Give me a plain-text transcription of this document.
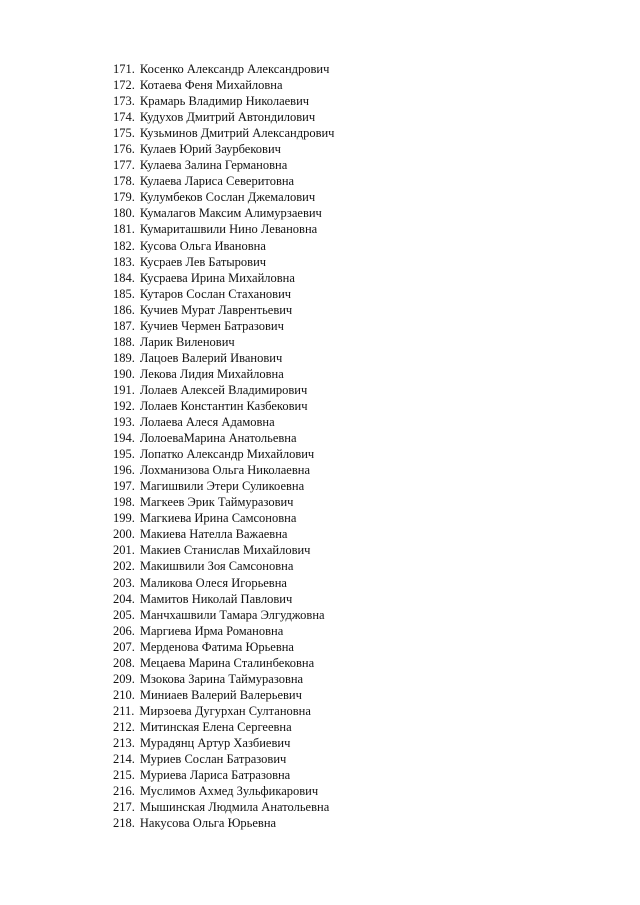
171. Косенко Александр Александрович
172. Котаева Феня Михайловна
173. Крамарь Владимир Николаевич
174. Кудухов Дмитрий Автондилович
175. Кузьминов Дмитрий Александрович
176. Кулаев Юрий Заурбекович
177. Кулаева Залина Германовна
178. Кулаева Лариса Северитовна
179. Кулумбеков Сослан Джемалович
180. Кумалагов Максим Алимурзаевич
181. Кумариташвили Нино Левановна
182. Кусова Ольга Ивановна
183. Кусраев Лев Батырович
184. Кусраева Ирина Михайловна
185. Кутаров Сослан Стаханович
186. Кучиев Мурат Лаврентьевич
187. Кучиев Чермен Батразович
188. Ларик Виленович
189. Лацоев Валерий Иванович
190. Лекова Лидия Михайловна
191. Лолаев Алексей Владимирович
192. Лолаев Константин Казбекович
193. Лолаева Алеся Адамовна
194. ЛолоеваМарина Анатольевна
195. Лопатко Александр Михайлович
196. Лохманизова Ольга Николаевна
197. Магишвили Этери Суликоевна
198. Магкеев Эрик Таймуразович
199. Магкиева Ирина Самсоновна
200. Макиева Нателла Важаевна
201. Макиев Станислав Михайлович
202. Макишвили Зоя Самсоновна
203. Маликова Олеся Игорьевна
204. Мамитов Николай Павлович
205. Манчхашвили Тамара Элгуджовна
206. Маргиева Ирма Романовна
207. Мерденова Фатима Юрьевна
208. Мецаева Марина Сталинбековна
209. Мзокова Зарина Таймуразовна
210. Миниаев Валерий Валерьевич
211. Мирзоева Дугурхан Султановна
212. Митинская Елена Сергеевна
213. Мурадянц Артур Хазбиевич
214. Муриев Сослан Батразович
215. Муриева Лариса Батразовна
216. Муслимов Ахмед Зульфикарович
217. Мышинская Людмила Анатольевна
218. Накусова Ольга Юрьевна
